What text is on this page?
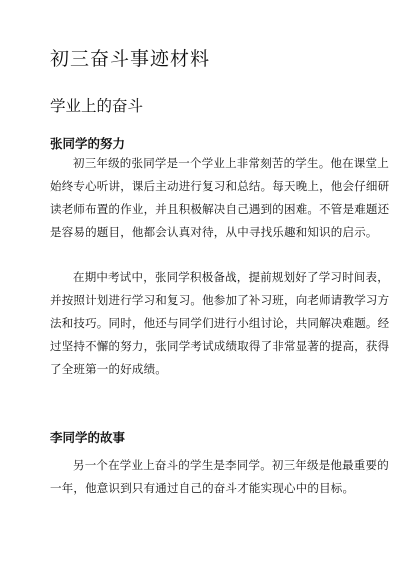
初三奋斗事迹材料
学业上的奋斗
张同学的努力
初三年级的张同学是一个学业上非常刻苦的学生。他在课堂上
始终专心听讲，课后主动进行复习和总结。每天晚上，他会仔细研
读老师布置的作业，并且积极解决自己遇到的困难。不管是难题还
是容易的题目，他都会认真对待，从中寻找乐趣和知识的启示。
在期中考试中，张同学积极备战，提前规划好了学习时间表，
并按照计划进行学习和复习。他参加了补习班，向老师请教学习方
法和技巧。同时，他还与同学们进行小组讨论，共同解决难题。经
过坚持不懈的努力，张同学考试成绩取得了非常显著的提高，获得
了全班第一的好成绩。
李同学的故事
另一个在学业上奋斗的学生是李同学。初三年级是他最重要的
一年，他意识到只有通过自己的奋斗才能实现心中的目标。
